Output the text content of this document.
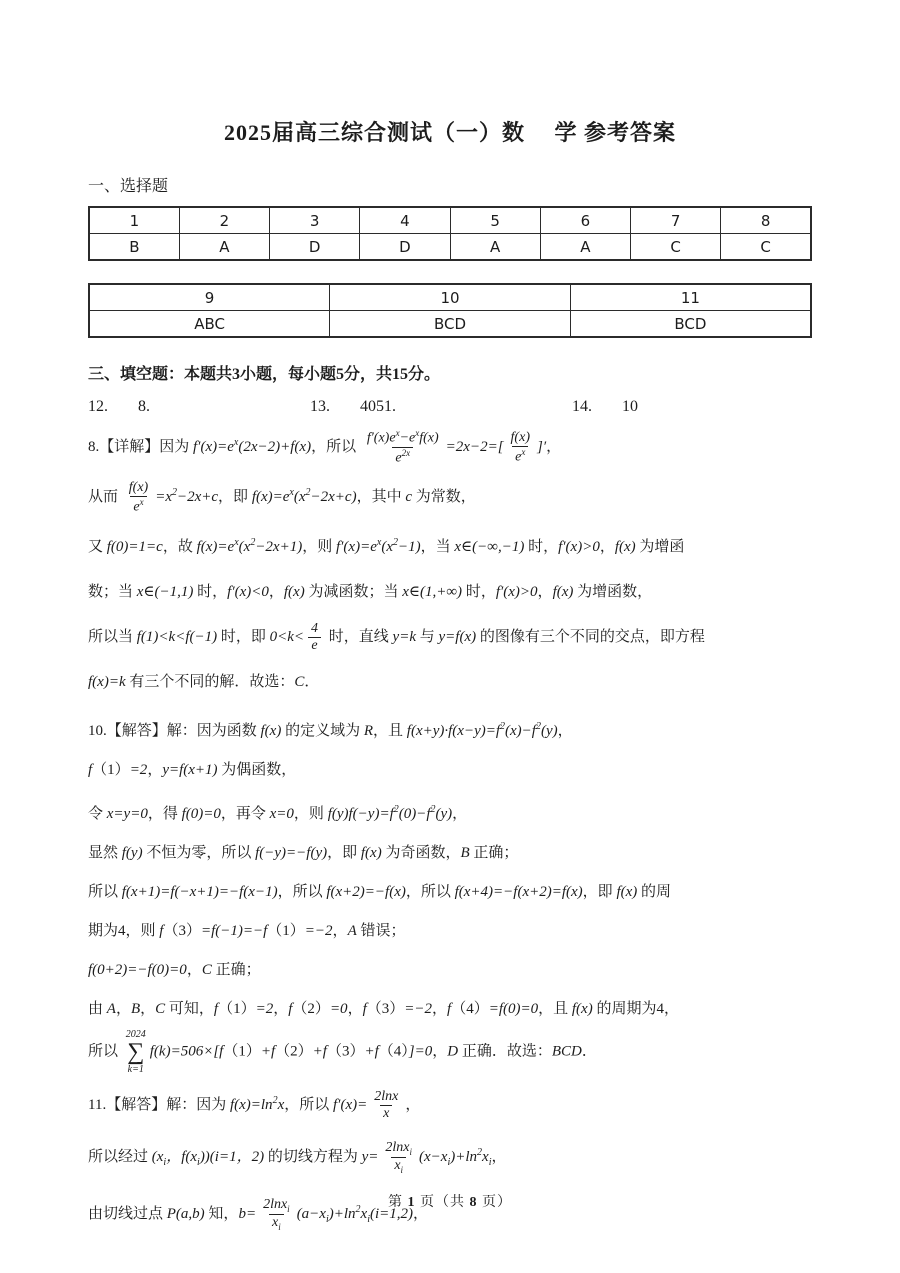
2025届高三综合测试（一）数　 学 参考答案
一、选择题
1	2	3	4	5	6	7	8
B	A	D	D	A	A	C	C
9	10	11
ABC	BCD	BCD
三、填空题：本题共3小题，每小题5分，共15分。
12. 8.	13. 4051.	14. 10
8.【详解】因为 $f'(x)=e^x(2x-2)+f(x)$，所以 $\frac{f'(x)e^x-e^xf(x)}{e^{2x}} =2x-2=[ \frac{f(x)}{e^x}$ ]′，
从而 $\frac{f(x)}{e^x} =x^2-2x+c$，即 $f(x)=e^x(x^2-2x+c)$，其中 c 为常数，
又 f(0)=1=c，故 $f(x)=e^x(x^2-2x+1)$，则 $f'(x)=e^x(x^2-1)$，当 x∈(−∞,−1) 时，f′(x)>0，f(x) 为增函
数；当 x∈(−1,1) 时，f′(x)<0，f(x) 为减函数；当 x∈(1,+∞) 时，f′(x)>0，f(x) 为增函数，
所以当 f(1)<k<f(−1) 时，即 $0<k< \frac{4}{e}$ 时，直线 y=k 与 y=f(x) 的图像有三个不同的交点，即方程
f(x)=k 有三个不同的解．故选：C．
10.【解答】解：因为函数 f(x) 的定义域为 R，且 $f(x+y)\cdot f(x-y)=f^2(x)-f^2(y)$，
f（1）=2，y=f(x+1) 为偶函数，
令 x=y=0，得 f(0)=0，再令 x=0，则 $f(y)f(-y)=f^2(0)-f^2(y)$，
显然 f(y) 不恒为零，所以 f(−y)=−f(y)，即 f(x) 为奇函数，B 正确；
所以 f(x+1)=f(−x+1)=−f(x−1)，所以 f(x+2)=−f(x)，所以 f(x+4)=−f(x+2)=f(x)，即 f(x) 的周
期为4，则 f（3）=f(−1)=−f（1）=−2，A 错误；
f(0+2)=−f(0)=0，C 正确；
由 A，B，C 可知，f（1）=2，f（2）=0，f（3）=−2，f（4）=f(0)=0，且 f(x) 的周期为4，
所以
2024
∑
k=1
f(k)=506×[f（1）+f（2）+f（3）+f（4）]=0，D 正确．故选：BCD．
11.【解答】解：因为 $f(x)=\ln^2x$，所以 $f'(x)= \frac{2\ln x}{x}$ ，
所以经过 ($x_i$，$f(x_i))(i=1$，2) 的切线方程为 $y= \frac{2\ln x_i}{x_i} (x-x_i)+\ln^2x_i$，
由切线过点 P(a,b) 知，$b= \frac{2\ln x_i}{x_i} (a-x_i)+\ln^2x_i(i=1,2)$，
第 1 页（共 8 页）
